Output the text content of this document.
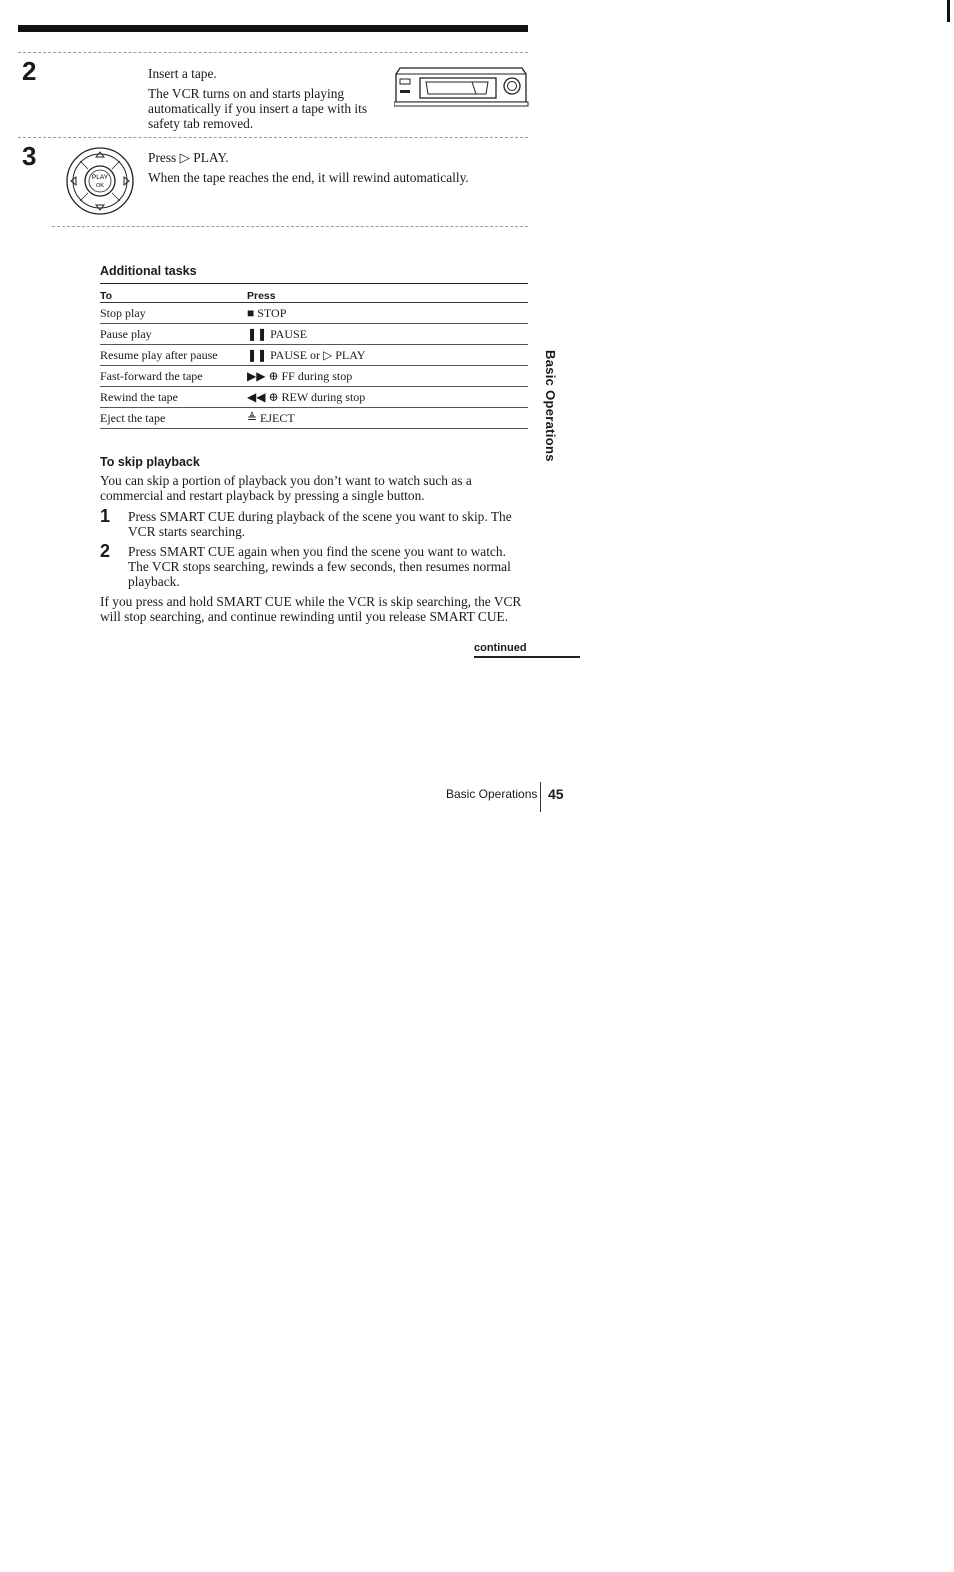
2	Insert a tape.
The VCR turns on and starts playing automatically if you insert a tape with its safety tab removed.
3
PLAY
OK
Press ▷ PLAY.
When the tape reaches the end, it will rewind automatically.
Additional tasks
To	Press
Stop play	■ STOP
Pause play	❚❚ PAUSE
Resume play after pause	❚❚ PAUSE or ▷ PLAY
Fast-forward the tape	▶▶ ⊕ FF during stop
Rewind the tape	◀◀ ⊕ REW during stop
Eject the tape	≜ EJECT	Basic Operations
To skip playback
You can skip a portion of playback you don’t want to watch such as a commercial and restart playback by pressing a single button.
1 Press SMART CUE during playback of the scene you want to skip. The VCR starts searching.
2 Press SMART CUE again when you find the scene you want to watch. The VCR stops searching, rewinds a few seconds, then resumes normal playback.
If you press and hold SMART CUE while the VCR is skip searching, the VCR will stop searching, and continue rewinding until you release SMART CUE.
continued
Basic Operations 45
